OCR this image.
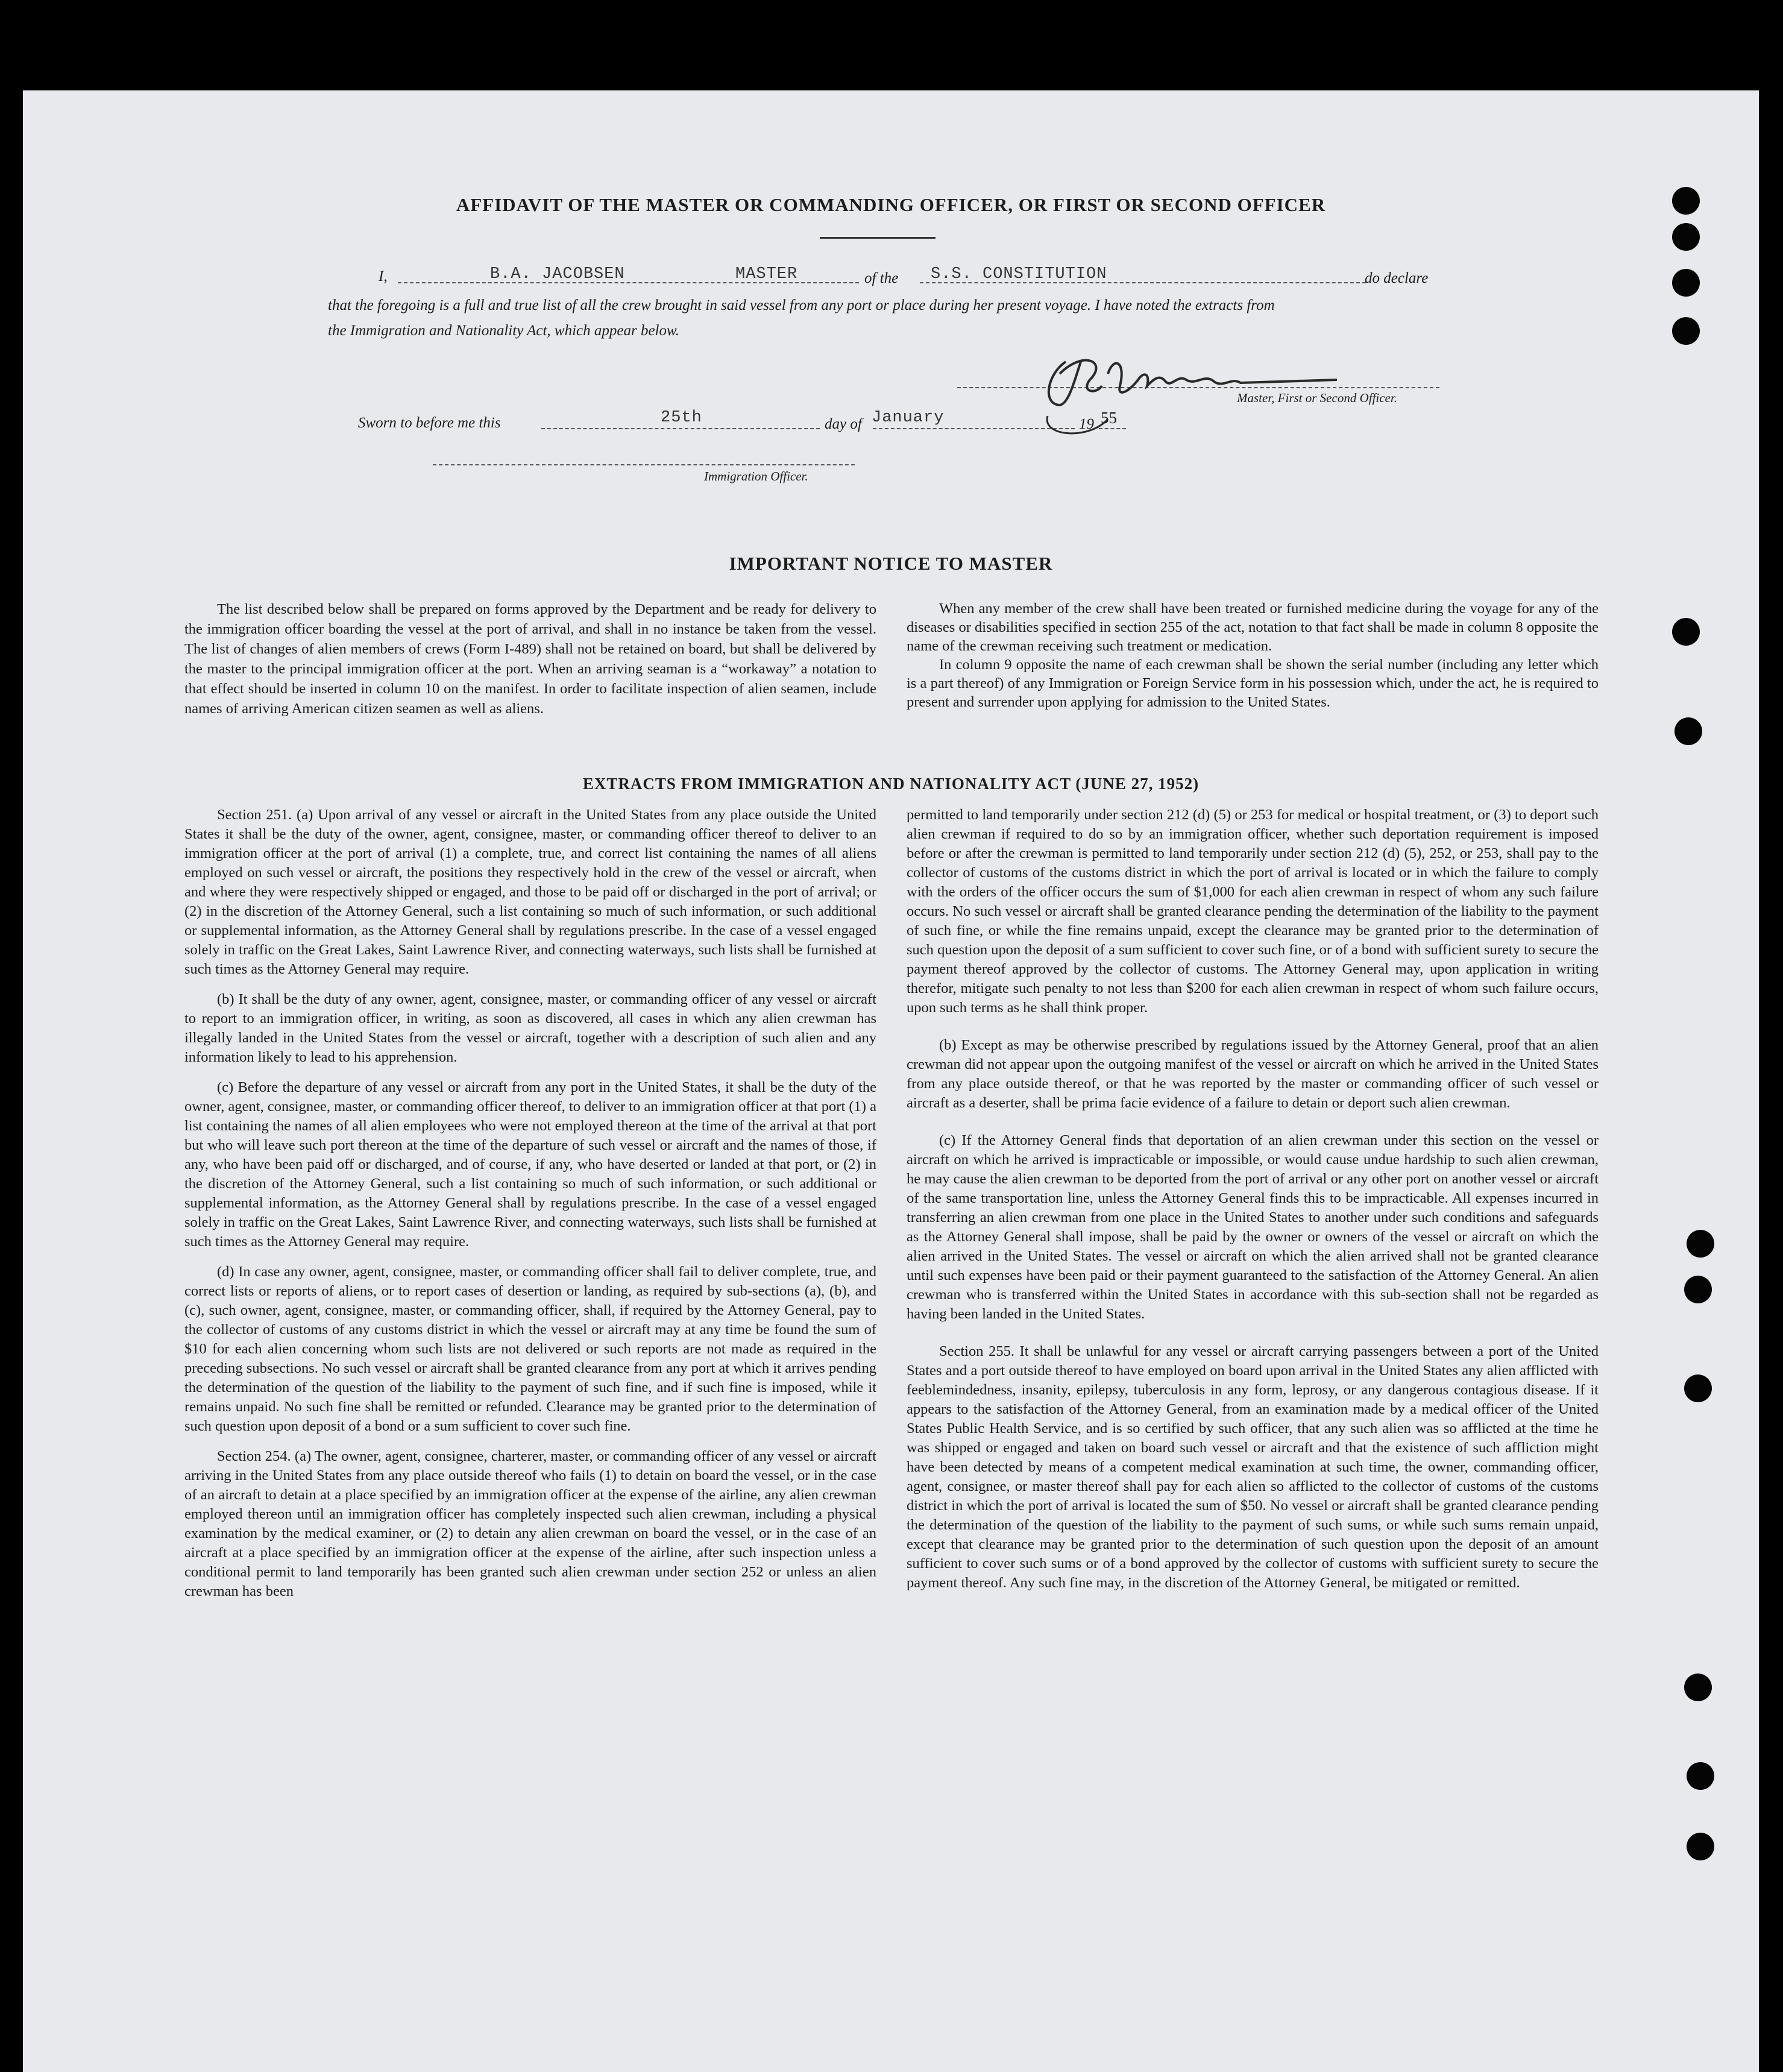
AFFIDAVIT OF THE MASTER OR COMMANDING OFFICER, OR FIRST OR SECOND OFFICER
I,	B.A. JACOBSEN	MASTER	of the S.S. CONSTITUTION	do declare
that the foregoing is a full and true list of all the crew brought in said vessel from any port or place during her present voyage. I have noted the extracts from
the Immigration and Nationality Act, which appear below.
Master, First or Second Officer.
Sworn to before me this	25th	day of January	19 55
Immigration Officer.
IMPORTANT NOTICE TO MASTER

The list described below shall be prepared on forms approved by the Department and be ready for delivery to the immigration officer boarding the vessel at the port of arrival, and shall in no instance be taken from the vessel. The list of changes of alien members of crews (Form I-489) shall not be retained on board, but shall be delivered by the master to the principal immigration officer at the port. When an arriving seaman is a “workaway” a notation to that effect should be inserted in column 10 on the manifest. In order to facilitate inspection of alien seamen, include names of arriving American citizen seamen as well as aliens.

When any member of the crew shall have been treated or furnished medicine during the voyage for any of the diseases or disabilities specified in section 255 of the act, notation to that fact shall be made in column 8 opposite the name of the crewman receiving such treatment or medication.

In column 9 opposite the name of each crewman shall be shown the serial number (including any letter which is a part thereof) of any Immigration or Foreign Service form in his possession which, under the act, he is required to present and surrender upon applying for admission to the United States.

EXTRACTS FROM IMMIGRATION AND NATIONALITY ACT (JUNE 27, 1952)

Section 251. (a) Upon arrival of any vessel or aircraft in the United States from any place outside the United States it shall be the duty of the owner, agent, consignee, master, or commanding officer thereof to deliver to an immigration officer at the port of arrival (1) a complete, true, and correct list containing the names of all aliens employed on such vessel or aircraft, the positions they respectively hold in the crew of the vessel or aircraft, when and where they were respectively shipped or engaged, and those to be paid off or discharged in the port of arrival; or (2) in the discretion of the Attorney General, such a list containing so much of such information, or such additional or supplemental information, as the Attorney General shall by regulations prescribe. In the case of a vessel engaged solely in traffic on the Great Lakes, Saint Lawrence River, and connecting waterways, such lists shall be furnished at such times as the Attorney General may require.

(b) It shall be the duty of any owner, agent, consignee, master, or commanding officer of any vessel or aircraft to report to an immigration officer, in writing, as soon as discovered, all cases in which any alien crewman has illegally landed in the United States from the vessel or aircraft, together with a description of such alien and any information likely to lead to his apprehension.

(c) Before the departure of any vessel or aircraft from any port in the United States, it shall be the duty of the owner, agent, consignee, master, or commanding officer thereof, to deliver to an immigration officer at that port (1) a list containing the names of all alien employees who were not employed thereon at the time of the arrival at that port but who will leave such port thereon at the time of the departure of such vessel or aircraft and the names of those, if any, who have been paid off or discharged, and of course, if any, who have deserted or landed at that port, or (2) in the discretion of the Attorney General, such a list containing so much of such information, or such additional or supplemental information, as the Attorney General shall by regulations prescribe. In the case of a vessel engaged solely in traffic on the Great Lakes, Saint Lawrence River, and connecting waterways, such lists shall be furnished at such times as the Attorney General may require.

(d) In case any owner, agent, consignee, master, or commanding officer shall fail to deliver complete, true, and correct lists or reports of aliens, or to report cases of desertion or landing, as required by sub-sections (a), (b), and (c), such owner, agent, consignee, master, or commanding officer, shall, if required by the Attorney General, pay to the collector of customs of any customs district in which the vessel or aircraft may at any time be found the sum of $10 for each alien concerning whom such lists are not delivered or such reports are not made as required in the preceding subsections. No such vessel or aircraft shall be granted clearance from any port at which it arrives pending the determination of the question of the liability to the payment of such fine, and if such fine is imposed, while it remains unpaid. No such fine shall be remitted or refunded. Clearance may be granted prior to the determination of such question upon deposit of a bond or a sum sufficient to cover such fine.

Section 254. (a) The owner, agent, consignee, charterer, master, or commanding officer of any vessel or aircraft arriving in the United States from any place outside thereof who fails (1) to detain on board the vessel, or in the case of an aircraft to detain at a place specified by an immigration officer at the expense of the airline, any alien crewman employed thereon until an immigration officer has completely inspected such alien crewman, including a physical examination by the medical examiner, or (2) to detain any alien crewman on board the vessel, or in the case of an aircraft at a place specified by an immigration officer at the expense of the airline, after such inspection unless a conditional permit to land temporarily has been granted such alien crewman under section 252 or unless an alien crewman has been

permitted to land temporarily under section 212 (d) (5) or 253 for medical or hospital treatment, or (3) to deport such alien crewman if required to do so by an immigration officer, whether such deportation requirement is imposed before or after the crewman is permitted to land temporarily under section 212 (d) (5), 252, or 253, shall pay to the collector of customs of the customs district in which the port of arrival is located or in which the failure to comply with the orders of the officer occurs the sum of $1,000 for each alien crewman in respect of whom any such failure occurs. No such vessel or aircraft shall be granted clearance pending the determination of the liability to the payment of such fine, or while the fine remains unpaid, except the clearance may be granted prior to the determination of such question upon the deposit of a sum sufficient to cover such fine, or of a bond with sufficient surety to secure the payment thereof approved by the collector of customs. The Attorney General may, upon application in writing therefor, mitigate such penalty to not less than $200 for each alien crewman in respect of whom such failure occurs, upon such terms as he shall think proper.

(b) Except as may be otherwise prescribed by regulations issued by the Attorney General, proof that an alien crewman did not appear upon the outgoing manifest of the vessel or aircraft on which he arrived in the United States from any place outside thereof, or that he was reported by the master or commanding officer of such vessel or aircraft as a deserter, shall be prima facie evidence of a failure to detain or deport such alien crewman.

(c) If the Attorney General finds that deportation of an alien crewman under this section on the vessel or aircraft on which he arrived is impracticable or impossible, or would cause undue hardship to such alien crewman, he may cause the alien crewman to be deported from the port of arrival or any other port on another vessel or aircraft of the same transportation line, unless the Attorney General finds this to be impracticable. All expenses incurred in transferring an alien crewman from one place in the United States to another under such conditions and safeguards as the Attorney General shall impose, shall be paid by the owner or owners of the vessel or aircraft on which the alien arrived in the United States. The vessel or aircraft on which the alien arrived shall not be granted clearance until such expenses have been paid or their payment guaranteed to the satisfaction of the Attorney General. An alien crewman who is transferred within the United States in accordance with this sub-section shall not be regarded as having been landed in the United States.

Section 255. It shall be unlawful for any vessel or aircraft carrying passengers between a port of the United States and a port outside thereof to have employed on board upon arrival in the United States any alien afflicted with feeblemindedness, insanity, epilepsy, tuberculosis in any form, leprosy, or any dangerous contagious disease. If it appears to the satisfaction of the Attorney General, from an examination made by a medical officer of the United States Public Health Service, and is so certified by such officer, that any such alien was so afflicted at the time he was shipped or engaged and taken on board such vessel or aircraft and that the existence of such affliction might have been detected by means of a competent medical examination at such time, the owner, commanding officer, agent, consignee, or master thereof shall pay for each alien so afflicted to the collector of customs of the customs district in which the port of arrival is located the sum of $50. No vessel or aircraft shall be granted clearance pending the determination of the question of the liability to the payment of such sums, or while such sums remain unpaid, except that clearance may be granted prior to the determination of such question upon the deposit of an amount sufficient to cover such sums or of a bond approved by the collector of customs with sufficient surety to secure the payment thereof. Any such fine may, in the discretion of the Attorney General, be mitigated or remitted.
